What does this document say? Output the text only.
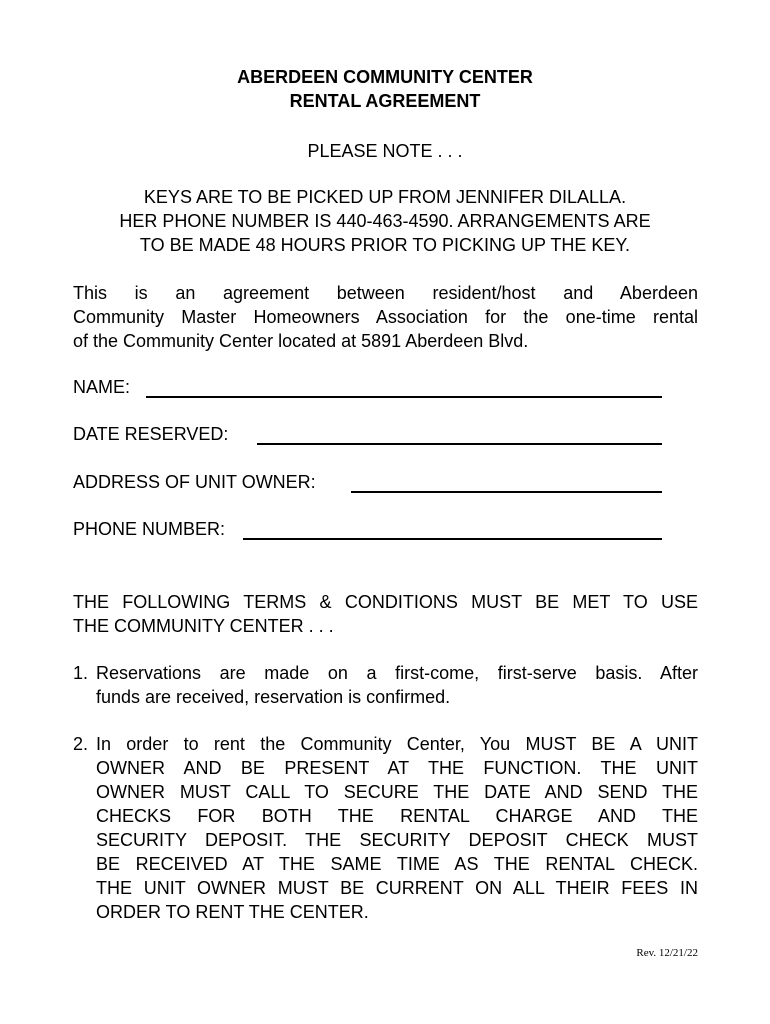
ABERDEEN COMMUNITY CENTER
RENTAL AGREEMENT
PLEASE NOTE . . .
KEYS ARE TO BE PICKED UP FROM JENNIFER DILALLA.
HER PHONE NUMBER IS 440-463-4590. ARRANGEMENTS ARE
TO BE MADE 48 HOURS PRIOR TO PICKING UP THE KEY.
This is an agreement between resident/host and Aberdeen
Community Master Homeowners Association for the one-time rental
of the Community Center located at 5891 Aberdeen Blvd.
NAME:
DATE RESERVED:
ADDRESS OF UNIT OWNER:
PHONE NUMBER:
THE FOLLOWING TERMS & CONDITIONS MUST BE MET TO USE
THE COMMUNITY CENTER . . .
1. Reservations are made on a first-come, first-serve basis. After
funds are received, reservation is confirmed.
2. In order to rent the Community Center, You MUST BE A UNIT
OWNER AND BE PRESENT AT THE FUNCTION. THE UNIT
OWNER MUST CALL TO SECURE THE DATE AND SEND THE
CHECKS FOR BOTH THE RENTAL CHARGE AND THE
SECURITY DEPOSIT. THE SECURITY DEPOSIT CHECK MUST
BE RECEIVED AT THE SAME TIME AS THE RENTAL CHECK.
THE UNIT OWNER MUST BE CURRENT ON ALL THEIR FEES IN
ORDER TO RENT THE CENTER.
Rev. 12/21/22
